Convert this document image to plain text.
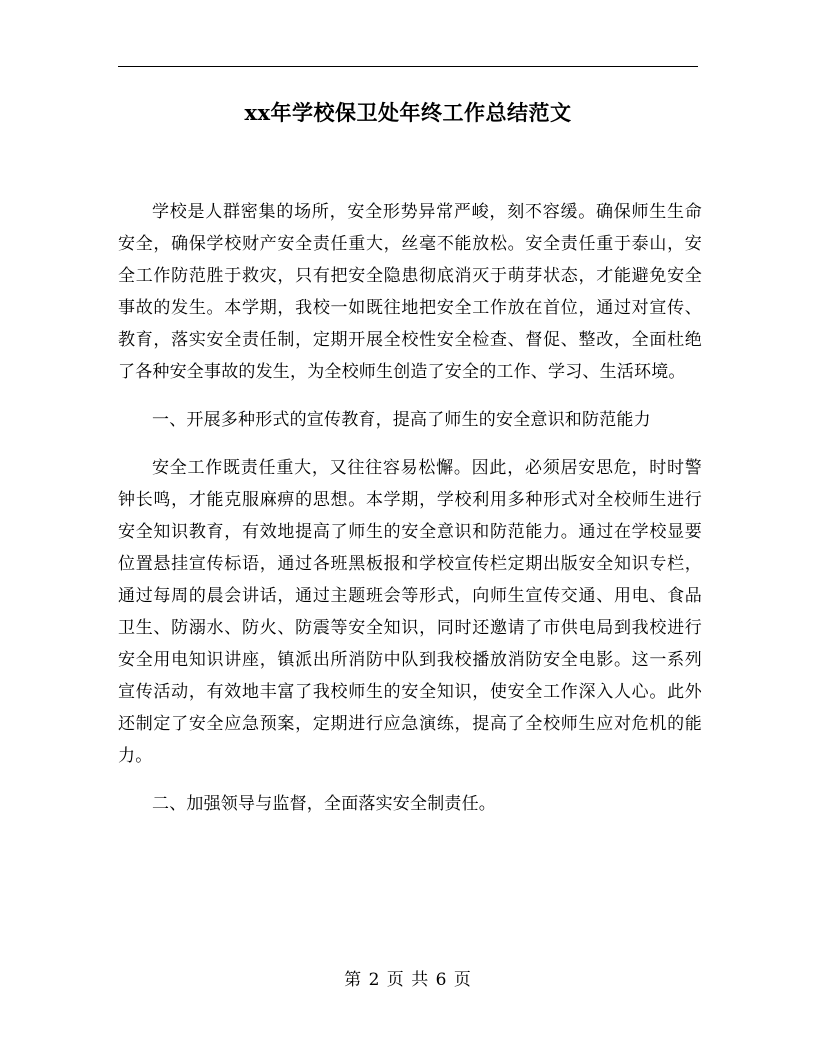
xx年学校保卫处年终工作总结范文

学校是人群密集的场所，安全形势异常严峻，刻不容缓。确保师生生命安全，确保学校财产安全责任重大，丝毫不能放松。安全责任重于泰山，安全工作防范胜于救灾，只有把安全隐患彻底消灭于萌芽状态，才能避免安全事故的发生。本学期，我校一如既往地把安全工作放在首位，通过对宣传、教育，落实安全责任制，定期开展全校性安全检查、督促、整改，全面杜绝了各种安全事故的发生，为全校师生创造了安全的工作、学习、生活环境。

一、开展多种形式的宣传教育，提高了师生的安全意识和防范能力

安全工作既责任重大，又往往容易松懈。因此，必须居安思危，时时警钟长鸣，才能克服麻痹的思想。本学期，学校利用多种形式对全校师生进行安全知识教育，有效地提高了师生的安全意识和防范能力。通过在学校显要位置悬挂宣传标语，通过各班黑板报和学校宣传栏定期出版安全知识专栏，通过每周的晨会讲话，通过主题班会等形式，向师生宣传交通、用电、食品卫生、防溺水、防火、防震等安全知识，同时还邀请了市供电局到我校进行安全用电知识讲座，镇派出所消防中队到我校播放消防安全电影。这一系列宣传活动，有效地丰富了我校师生的安全知识，使安全工作深入人心。此外还制定了安全应急预案，定期进行应急演练，提高了全校师生应对危机的能力。

二、加强领导与监督，全面落实安全制责任。

第 2 页 共 6 页
